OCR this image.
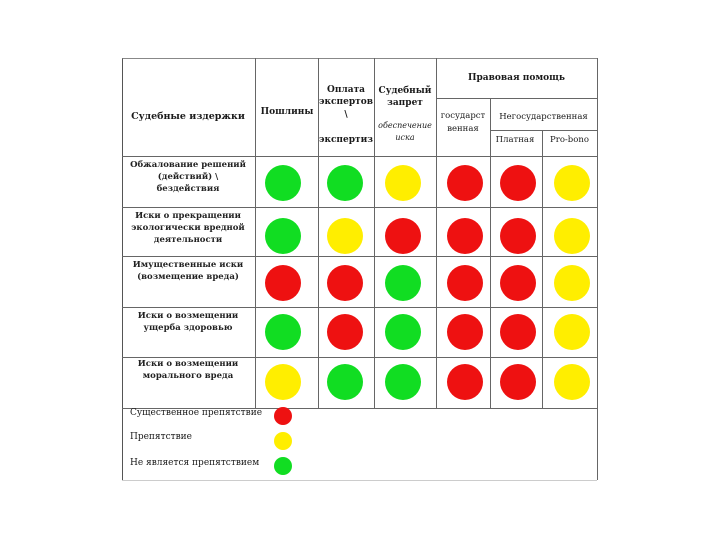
Судебные издержки	Пошлины
Оплата
экспертов
\
экспертиз
Судебный
запрет
обеспечение
иска
Правовая помощь
государст
венная
Негосударственная
Платная	Pro-bono
Обжалование решений
(действий) \
бездействия
Иски о прекращении
экологически вредной
деятельности
Имущественные иски
(возмещение вреда)
Иски о возмещении
ущерба здоровью
Иски о возмещении
морального вреда
Существенное препятствие
Препятствие
Не является препятствием
